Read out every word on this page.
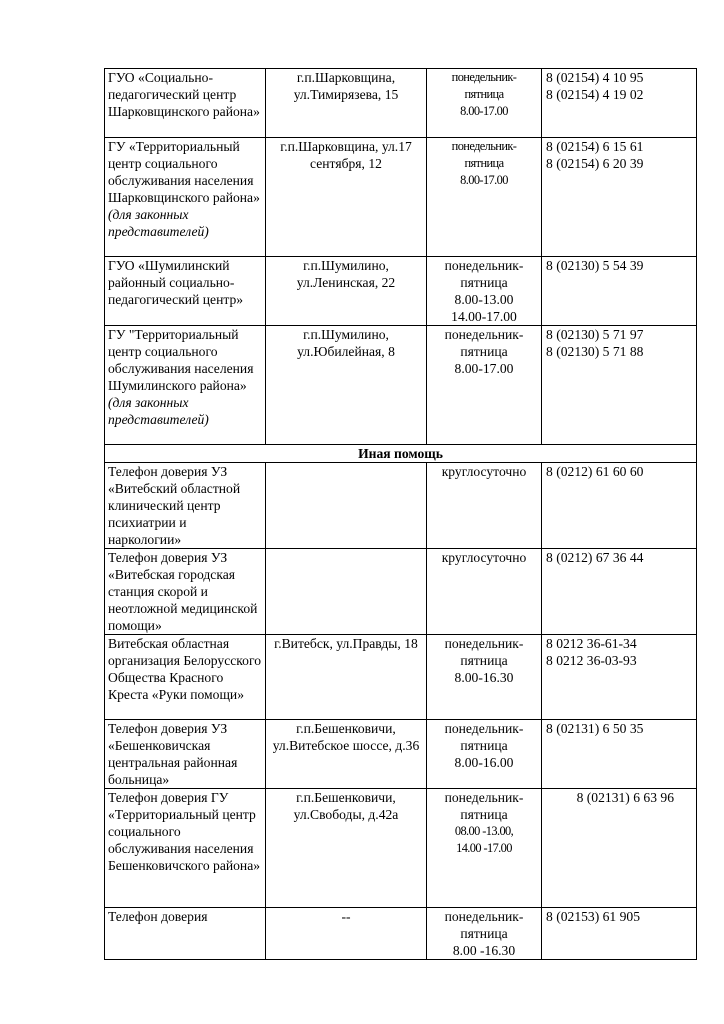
ГУО «Социально-педагогический центр Шарковщинского района»	г.п.Шарковщина, ул.Тимирязева, 15	понедельник-
пятница
8.00-17.00	8 (02154) 4 10 95
8 (02154) 4 19 02

ГУ «Территориальный центр социального обслуживания населения Шарковщинского района» (для законных представителей)	г.п.Шарковщина, ул.17 сентября, 12	понедельник-
пятница
8.00-17.00	8 (02154) 6 15 61
8 (02154) 6 20 39

ГУО «Шумилинский районный социально-педагогический центр»	г.п.Шумилино, ул.Ленинская, 22	понедельник-
пятница
8.00-13.00
14.00-17.00	8 (02130) 5 54 39

ГУ "Территориальный центр социального обслуживания населения Шумилинского района» (для законных представителей)	г.п.Шумилино, ул.Юбилейная, 8	понедельник-
пятница
8.00-17.00	8 (02130) 5 71 97
8 (02130) 5 71 88

Иная помощь			
Телефон доверия УЗ «Витебский областной клинический центр психиатрии и наркологии»		круглосуточно	8 (0212) 61 60 60

Телефон доверия УЗ «Витебская городская станция скорой и неотложной медицинской помощи»		круглосуточно	8 (0212) 67 36 44

Витебская областная организация Белорусского Общества Красного Креста «Руки помощи»	г.Витебск, ул.Правды, 18	понедельник-
пятница
8.00-16.30	8 0212 36-61-34
8 0212 36-03-93

Телефон доверия УЗ «Бешенковичская центральная районная больница»	г.п.Бешенковичи, ул.Витебское шоссе, д.36	понедельник-
пятница
8.00-16.00	8 (02131) 6 50 35

Телефон доверия ГУ «Территориальный центр социального обслуживания населения Бешенковичского района»	г.п.Бешенковичи, ул.Свободы, д.42а	понедельник-
пятница
08.00 -13.00,
14.00 -17.00	8 (02131) 6 63 96

Телефон доверия	--	понедельник-
пятница
8.00 -16.30	8 (02153) 61 905
